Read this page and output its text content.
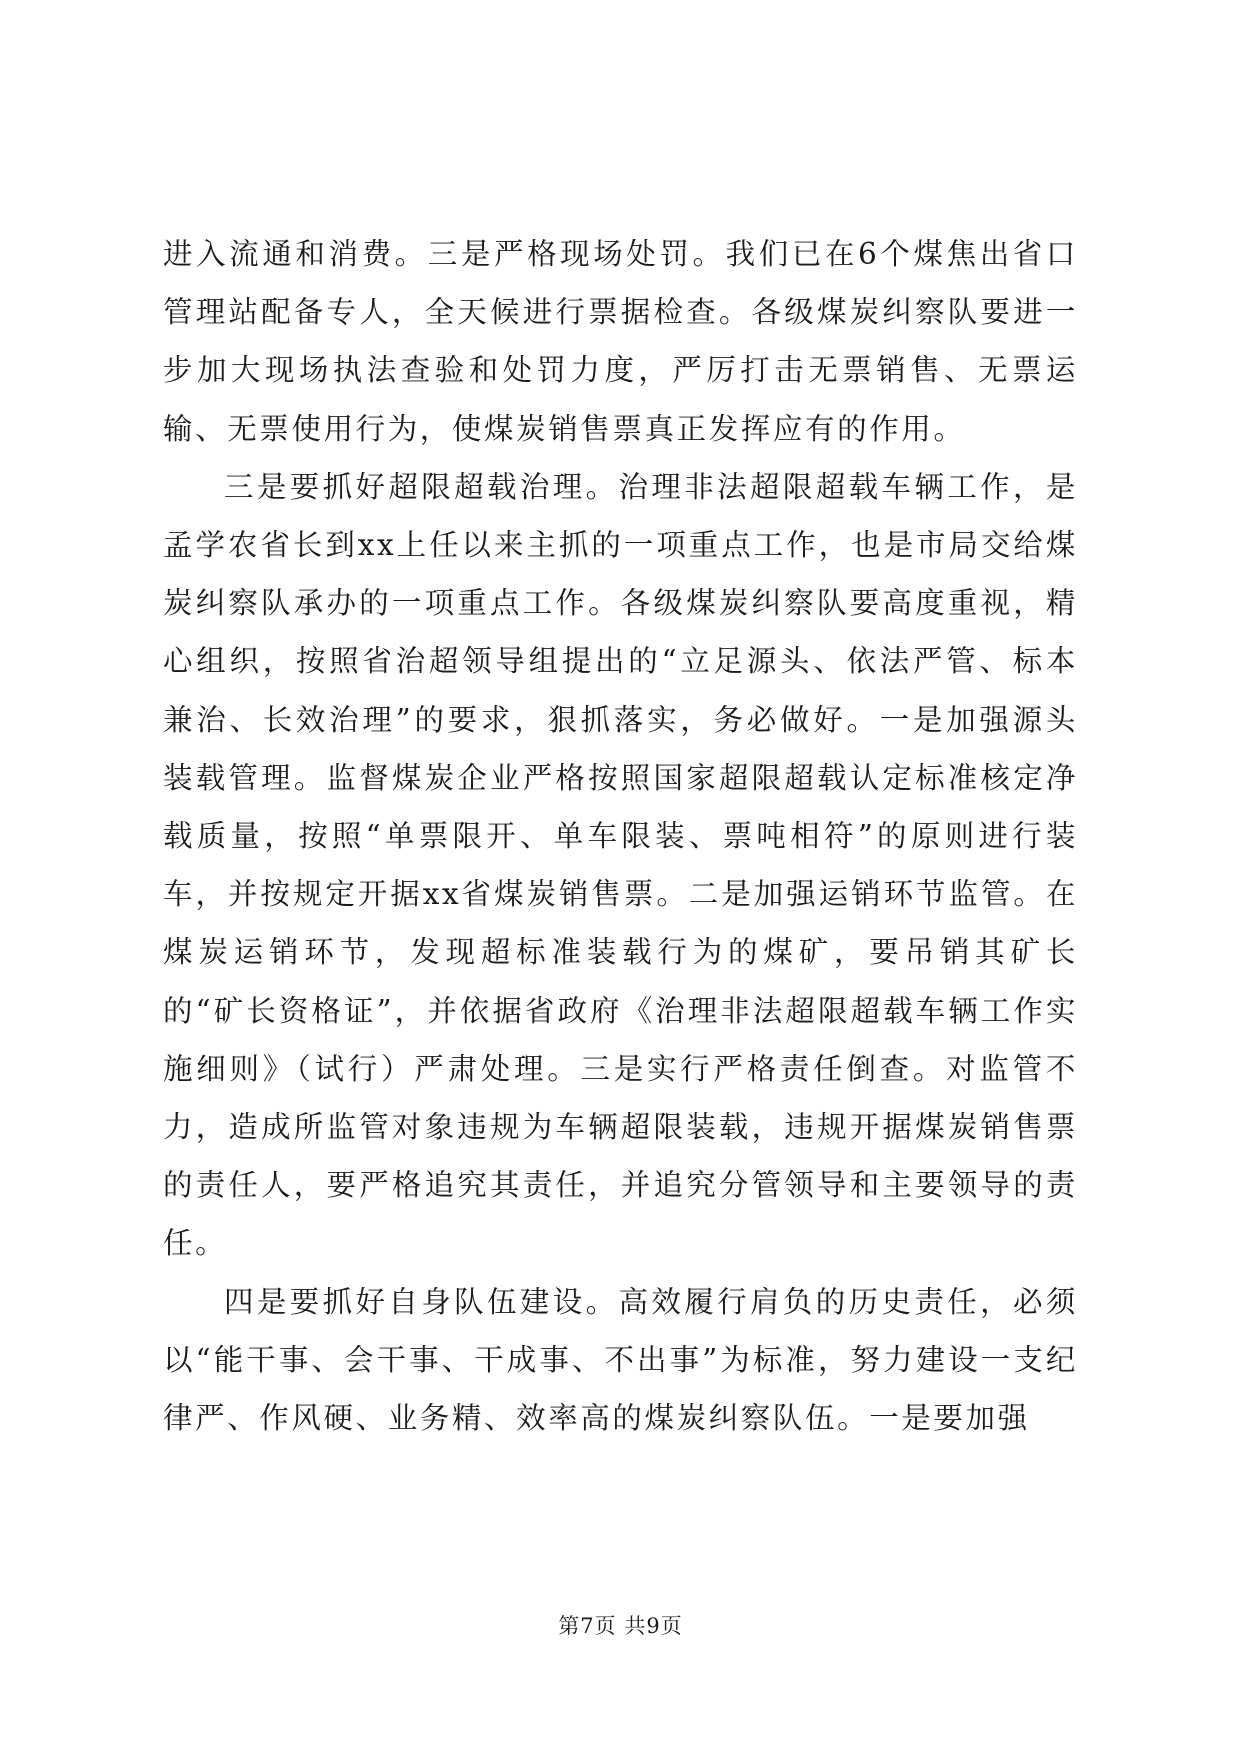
进入流通和消费。三是严格现场处罚。我们已在6个煤焦出省口管理站配备专人，全天候进行票据检查。各级煤炭纠察队要进一步加大现场执法查验和处罚力度，严厉打击无票销售、无票运输、无票使用行为，使煤炭销售票真正发挥应有的作用。

三是要抓好超限超载治理。治理非法超限超载车辆工作，是孟学农省长到xx上任以来主抓的一项重点工作，也是市局交给煤炭纠察队承办的一项重点工作。各级煤炭纠察队要高度重视，精心组织，按照省治超领导组提出的“立足源头、依法严管、标本兼治、长效治理”的要求，狠抓落实，务必做好。一是加强源头装载管理。监督煤炭企业严格按照国家超限超载认定标准核定净载质量，按照“单票限开、单车限装、票吨相符”的原则进行装车，并按规定开据xx省煤炭销售票。二是加强运销环节监管。在煤炭运销环节，发现超标准装载行为的煤矿，要吊销其矿长的“矿长资格证”，并依据省政府《治理非法超限超载车辆工作实施细则》（试行）严肃处理。三是实行严格责任倒查。对监管不力，造成所监管对象违规为车辆超限装载，违规开据煤炭销售票的责任人，要严格追究其责任，并追究分管领导和主要领导的责任。

四是要抓好自身队伍建设。高效履行肩负的历史责任，必须以“能干事、会干事、干成事、不出事”为标准，努力建设一支纪律严、作风硬、业务精、效率高的煤炭纠察队伍。一是要加强

第7页 共9页
